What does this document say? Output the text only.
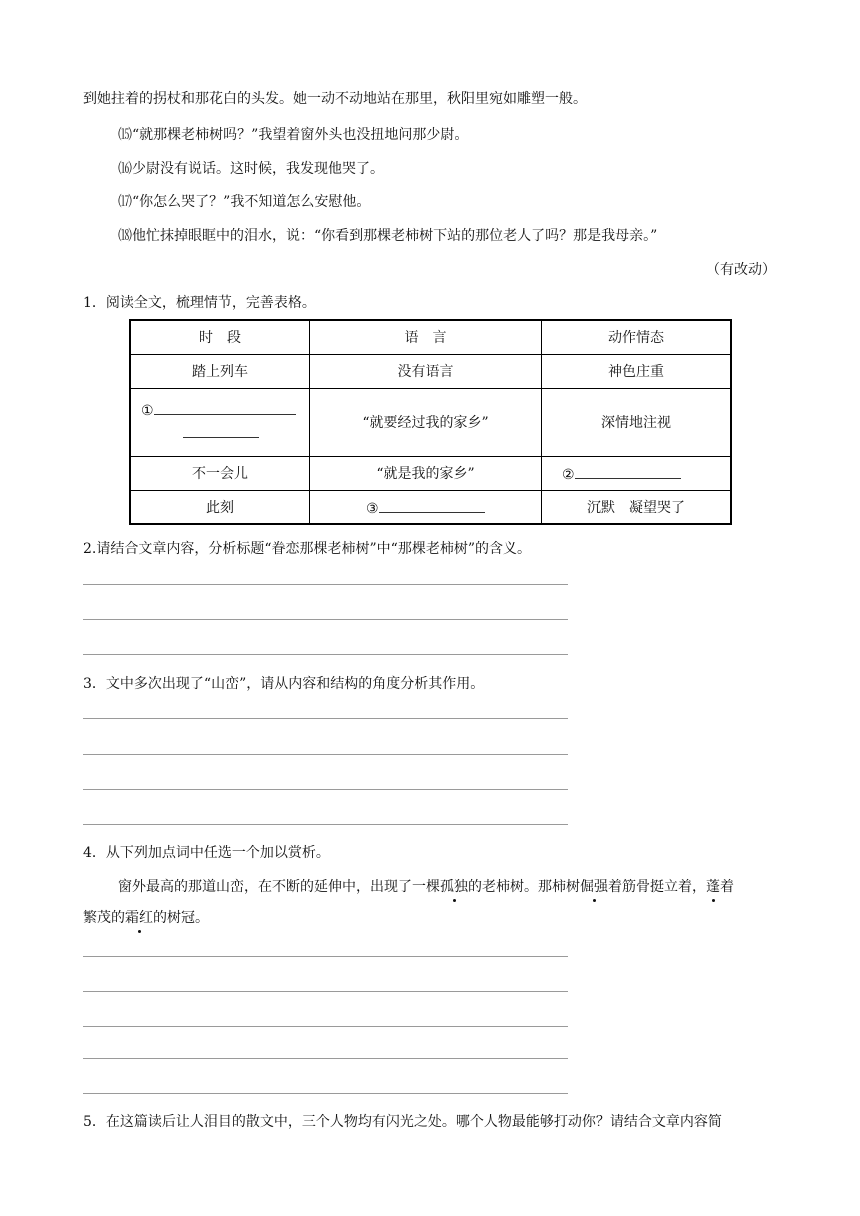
到她拄着的拐杖和那花白的头发。她一动不动地站在那里，秋阳里宛如雕塑一般。
⒂“就那棵老柿树吗？”我望着窗外头也没扭地问那少尉。
⒃少尉没有说话。这时候，我发现他哭了。
⒄“你怎么哭了？”我不知道怎么安慰他。
⒅他忙抹掉眼眶中的泪水，说：“你看到那棵老柿树下站的那位老人了吗？那是我母亲。”
（有改动）
1．阅读全文，梳理情节，完善表格。
时　段	语　言	动作情态
踏上列车	没有语言	神色庄重

①	“就要经过我的家乡”	深情地注视
不一会儿	“就是我的家乡”	②
此刻	③	沉默　凝望哭了
2.请结合文章内容，分析标题“眷恋那棵老柿树”中“那棵老柿树”的含义。
3．文中多次出现了“山峦”，请从内容和结构的角度分析其作用。
4．从下列加点词中任选一个加以赏析。
窗外最高的那道山峦，在不断的延伸中，出现了一棵孤独的老柿树。那柿树倔强着筋骨挺立着，蓬着
繁茂的霜红的树冠。
5．在这篇读后让人泪目的散文中，三个人物均有闪光之处。哪个人物最能够打动你？请结合文章内容简
